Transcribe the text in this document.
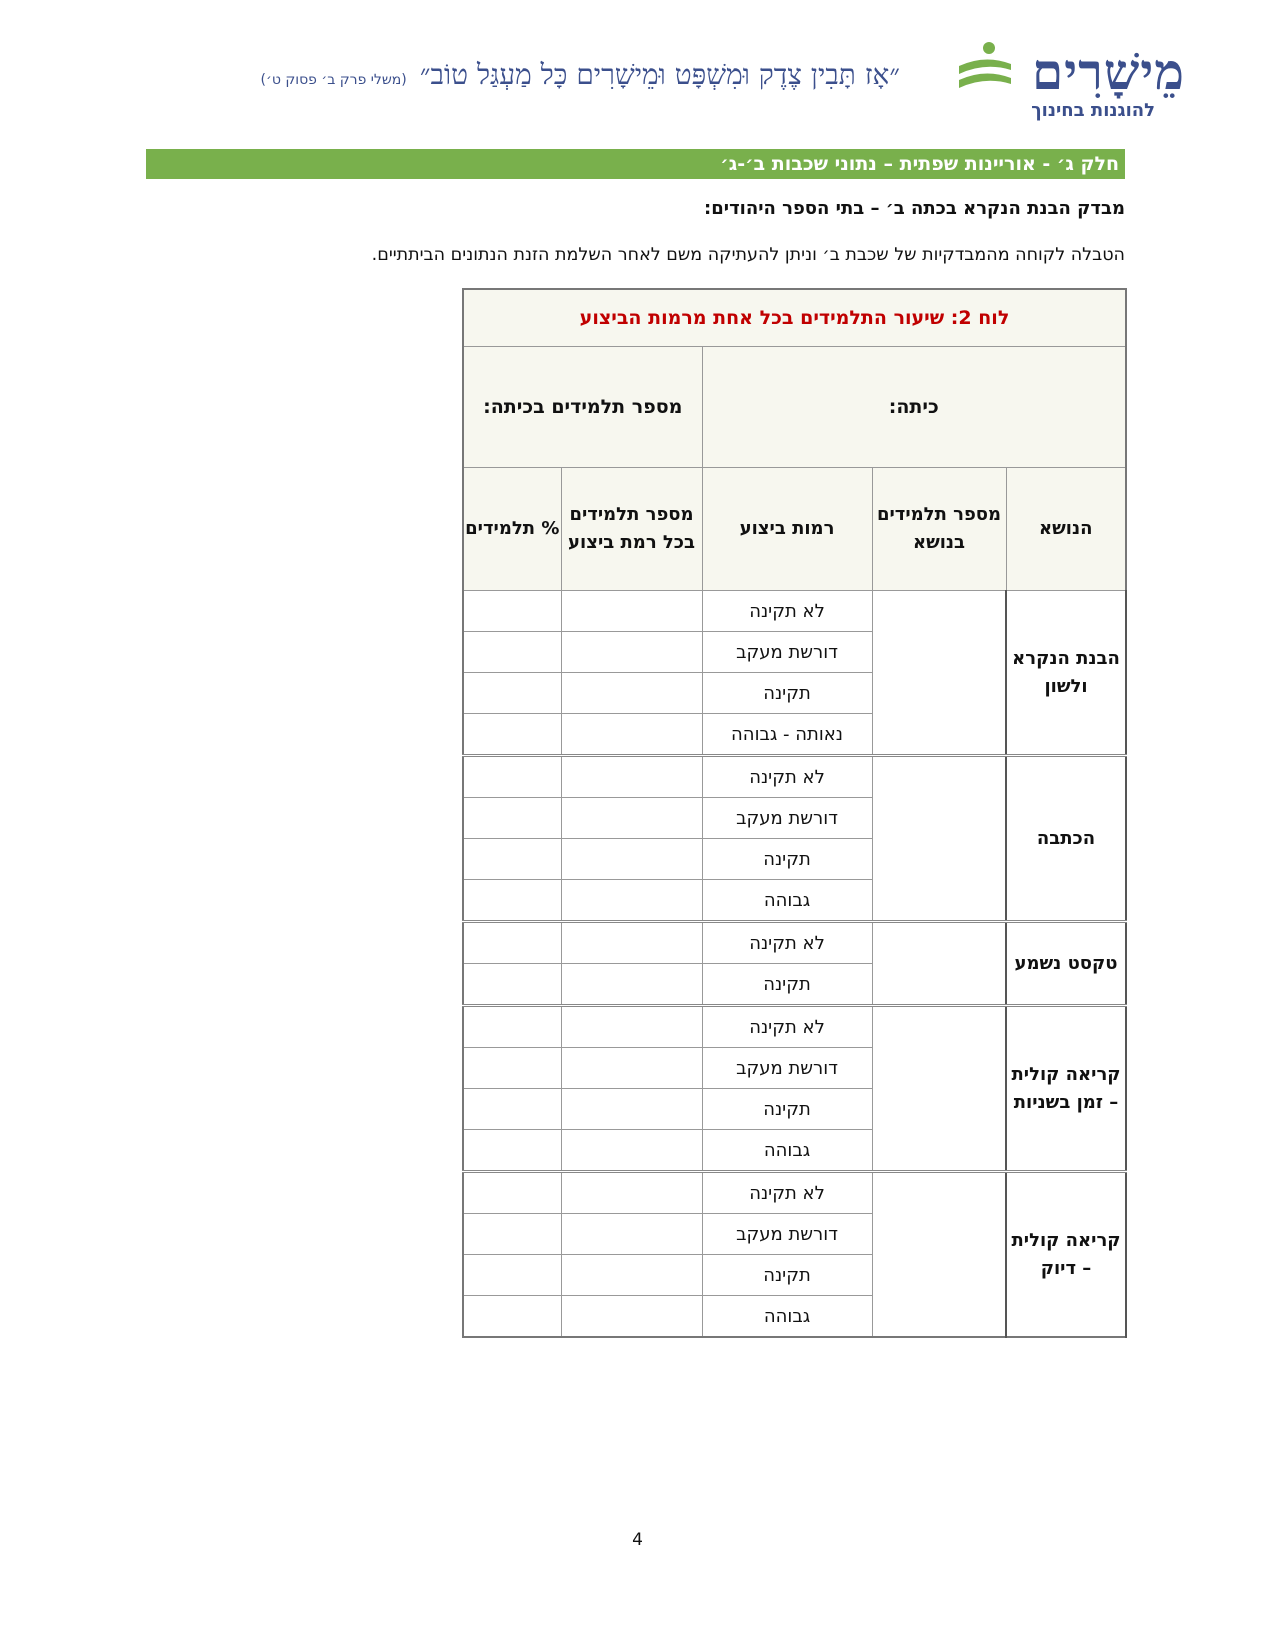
מֵישָׁרִים
להוגנות בחינוך
״אָז תָּבִין צֶדֶק וּמִשְׁפָּט וּמֵישָׁרִים כָּל מַעְגַּל טוֹב״ (משלי פרק ב׳ פסוק ט׳)
חלק ג׳ - אוריינות שפתית – נתוני שכבות ב׳-ג׳
מבדק הבנת הנקרא בכתה ב׳ – בתי הספר היהודים:
הטבלה לקוחה מהמבדקיות של שכבת ב׳ וניתן להעתיקה משם לאחר השלמת הזנת הנתונים הביתתיים.
לוח 2: שיעור התלמידים בכל אחת מרמות הביצוע				
כיתה:			מספר תלמידים בכיתה:	
הנושא	מספר תלמידים בנושא	רמות ביצוע	מספר תלמידים בכל רמת ביצוע	% תלמידים
הבנת הנקרא ולשון		לא תקינה		
		דורשת מעקב		
		תקינה		
		נאותה - גבוהה		
הכתבה		לא תקינה		
		דורשת מעקב		
		תקינה		
		גבוהה		
טקסט נשמע		לא תקינה		
		תקינה		
קריאה קולית – זמן בשניות		לא תקינה		
		דורשת מעקב		
		תקינה		
		גבוהה		
קריאה קולית – דיוק		לא תקינה		
		דורשת מעקב		
		תקינה		
		גבוהה		
4
